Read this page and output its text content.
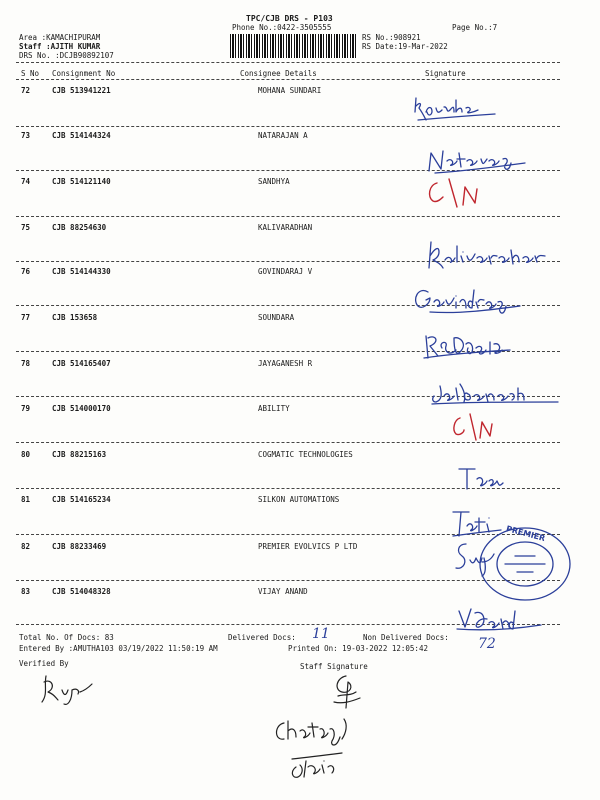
TPC/CJB DRS - P103
Phone No.:0422-3505555	Page No.:7
Area :KAMACHIPURAM
Staff :AJITH KUMAR
DRS No. :DCJB90892107
RS No.:908921
RS Date:19-Mar-2022
S No Consignment No	Consignee Details	Signature
72	CJB 513941221	MOHANA SUNDARI
73	CJB 514144324	NATARAJAN A
74	CJB 514121140	SANDHYA
75	CJB 88254630	KALIVARADHAN
76	CJB 514144330	GOVINDARAJ V
77	CJB 153658	SOUNDARA
78	CJB 514165407	JAYAGANESH R
79	CJB 514000170	ABILITY
80	CJB 88215163	COGMATIC TECHNOLOGIES
81	CJB 514165234	SILKON AUTOMATIONS
82	CJB 88233469	PREMIER EVOLVICS P LTD
83	CJB 514048328	VIJAY ANAND
Total No. Of Docs: 83	Delivered Docs: 11	Non Delivered Docs: 72
Entered By :AMUTHA103 03/19/2022 11:50:19 AM	Printed On: 19-03-2022 12:05:42
Verified By	Staff Signature
PREMIER
